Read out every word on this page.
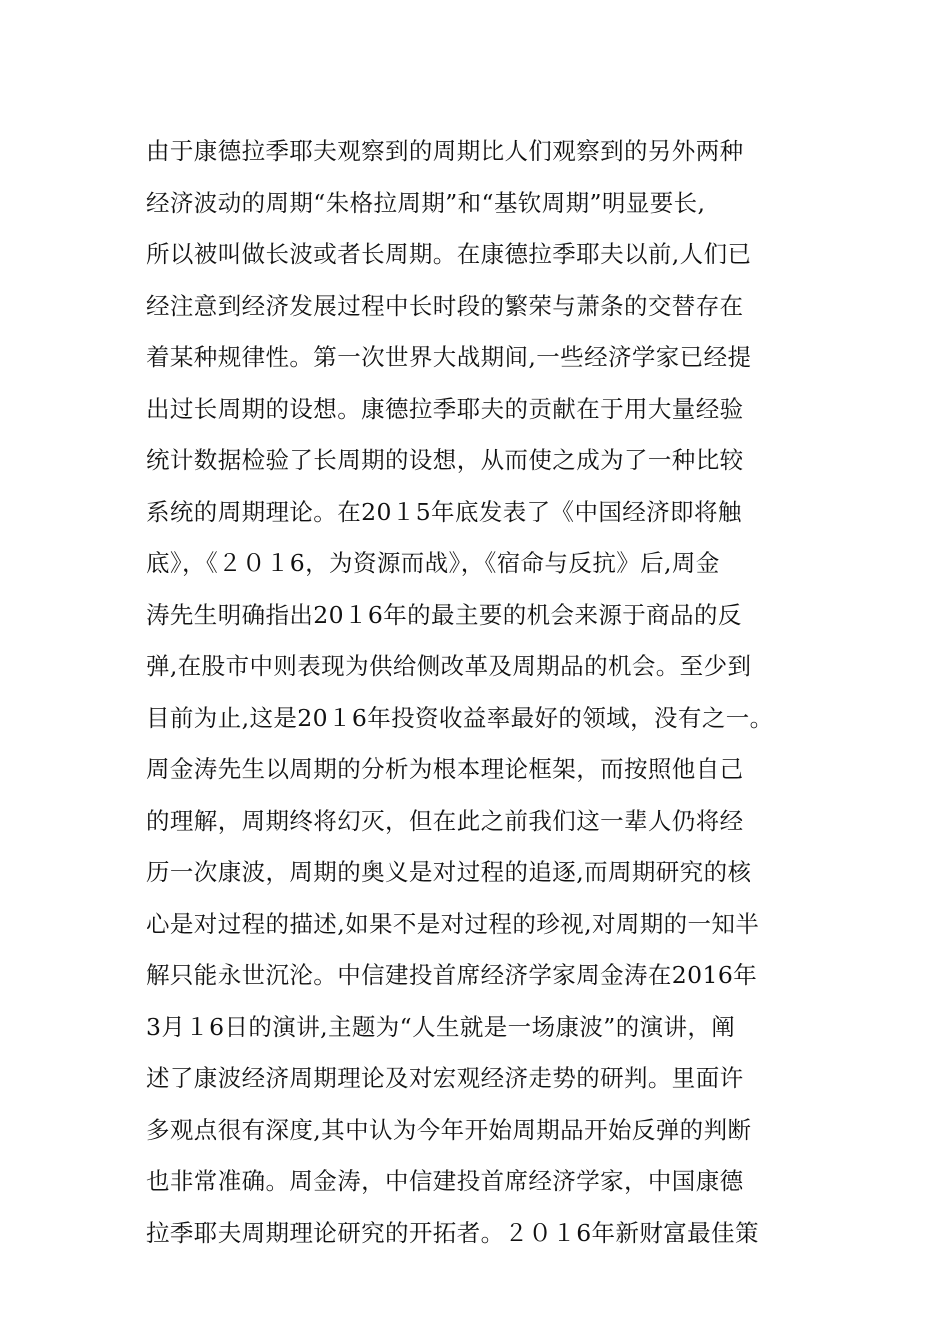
由于康德拉季耶夫观察到的周期比人们观察到的另外两种
经济波动的周期“朱格拉周期”和“基钦周期”明显要长,
所以被叫做长波或者长周期。在康德拉季耶夫以前,人们已
经注意到经济发展过程中长时段的繁荣与萧条的交替存在
着某种规律性。第一次世界大战期间,一些经济学家已经提
出过长周期的设想。康德拉季耶夫的贡献在于用大量经验
统计数据检验了长周期的设想，从而使之成为了一种比较
系统的周期理论。在20１5年底发表了《中国经济即将触
底》，《２０１6，为资源而战》，《宿命与反抗》后,周金
涛先生明确指出20１6年的最主要的机会来源于商品的反
弹,在股市中则表现为供给侧改革及周期品的机会。至少到
目前为止,这是20１6年投资收益率最好的领域，没有之一。
周金涛先生以周期的分析为根本理论框架，而按照他自己
的理解，周期终将幻灭，但在此之前我们这一辈人仍将经
历一次康波，周期的奥义是对过程的追逐,而周期研究的核
心是对过程的描述,如果不是对过程的珍视,对周期的一知半
解只能永世沉沦。中信建投首席经济学家周金涛在2016年
3月１6日的演讲,主题为“人生就是一场康波”的演讲，阐
述了康波经济周期理论及对宏观经济走势的研判。里面许
多观点很有深度,其中认为今年开始周期品开始反弹的判断
也非常准确。周金涛，中信建投首席经济学家，中国康德
拉季耶夫周期理论研究的开拓者。２０１6年新财富最佳策
